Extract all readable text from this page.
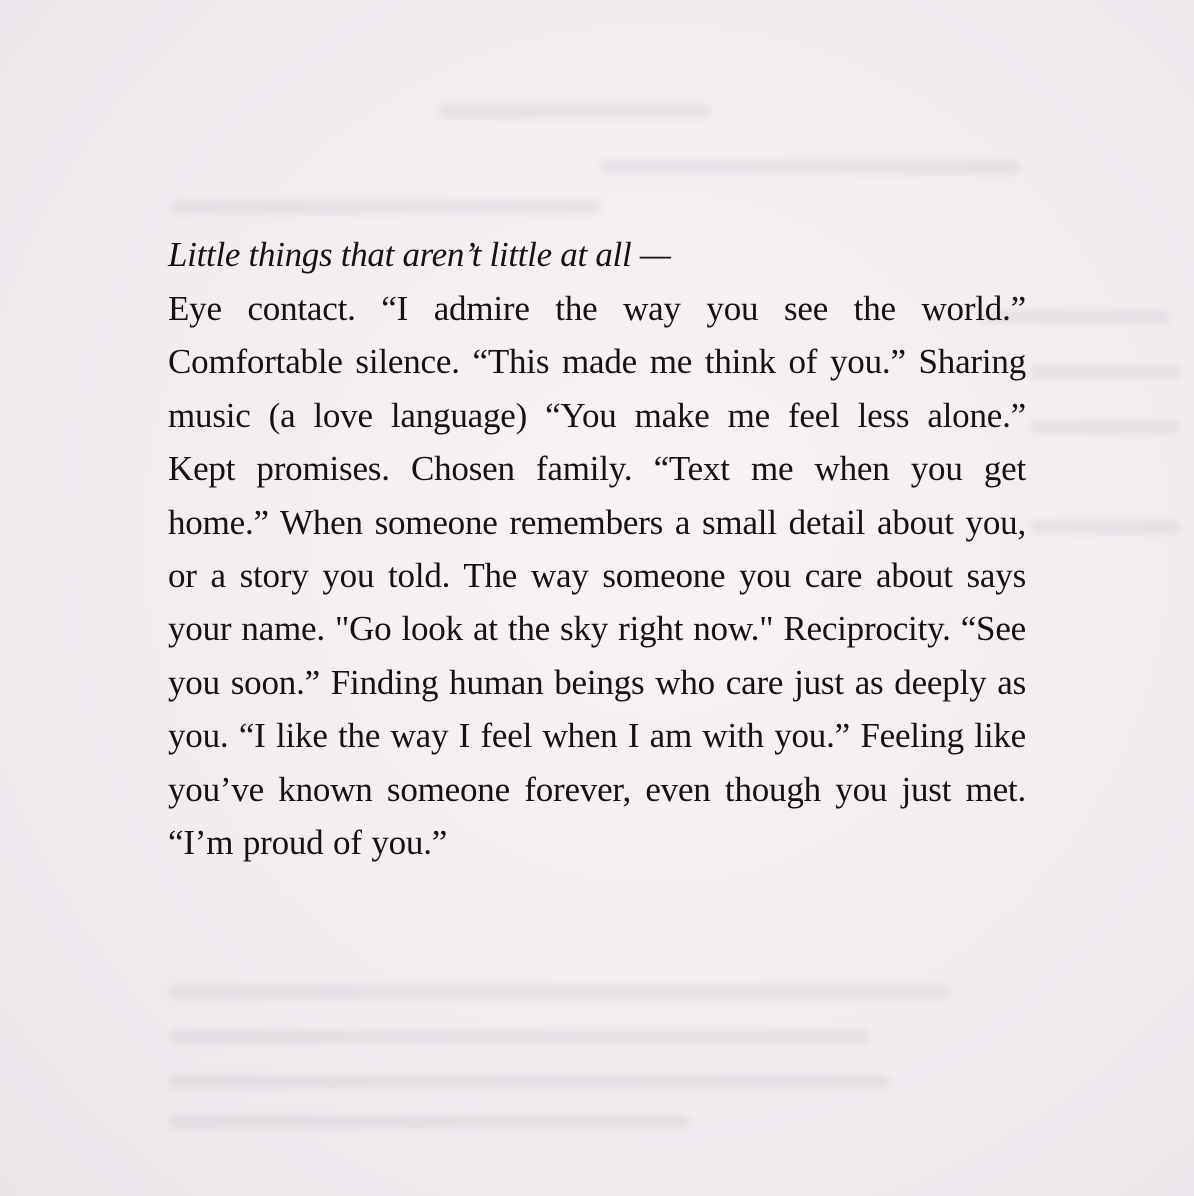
Little things that aren’t little at all —

Eye contact. “I admire the way you see the world.” Comfortable silence. “This made me think of you.” Sharing music (a love language) “You make me feel less alone.” Kept promises. Chosen family. “Text me when you get home.” When someone remembers a small detail about you, or a story you told. The way someone you care about says your name. "Go look at the sky right now." Reciprocity. “See you soon.” Finding human beings who care just as deeply as you. “I like the way I feel when I am with you.” Feeling like you’ve known someone forever, even though you just met. “I’m proud of you.”
